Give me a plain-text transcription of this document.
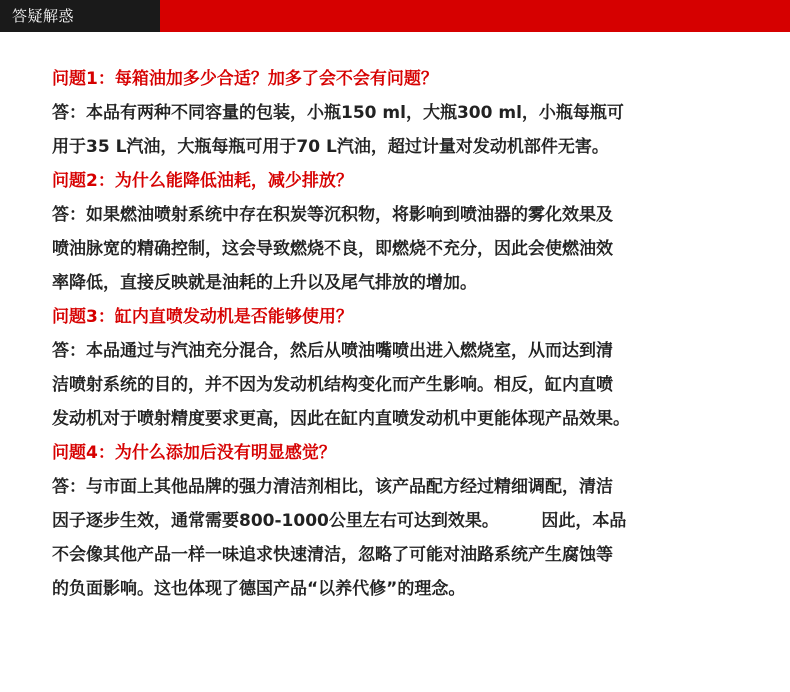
答疑解惑

问题1：每箱油加多少合适？加多了会不会有问题？

答：本品有两种不同容量的包装，小瓶150 ml，大瓶300 ml，小瓶每瓶可

用于35 L汽油，大瓶每瓶可用于70 L汽油，超过计量对发动机部件无害。

问题2：为什么能降低油耗，减少排放？

答：如果燃油喷射系统中存在积炭等沉积物，将影响到喷油器的雾化效果及

喷油脉宽的精确控制，这会导致燃烧不良，即燃烧不充分，因此会使燃油效

率降低，直接反映就是油耗的上升以及尾气排放的增加。

问题3：缸内直喷发动机是否能够使用？

答：本品通过与汽油充分混合，然后从喷油嘴喷出进入燃烧室，从而达到清

洁喷射系统的目的，并不因为发动机结构变化而产生影响。相反，缸内直喷

发动机对于喷射精度要求更高，因此在缸内直喷发动机中更能体现产品效果。

问题4：为什么添加后没有明显感觉？

答：与市面上其他品牌的强力清洁剂相比，该产品配方经过精细调配，清洁

因子逐步生效，通常需要800-1000公里左右可达到效果。　　　因此，本品

不会像其他产品一样一味追求快速清洁，忽略了可能对油路系统产生腐蚀等

的负面影响。这也体现了德国产品“以养代修”的理念。
